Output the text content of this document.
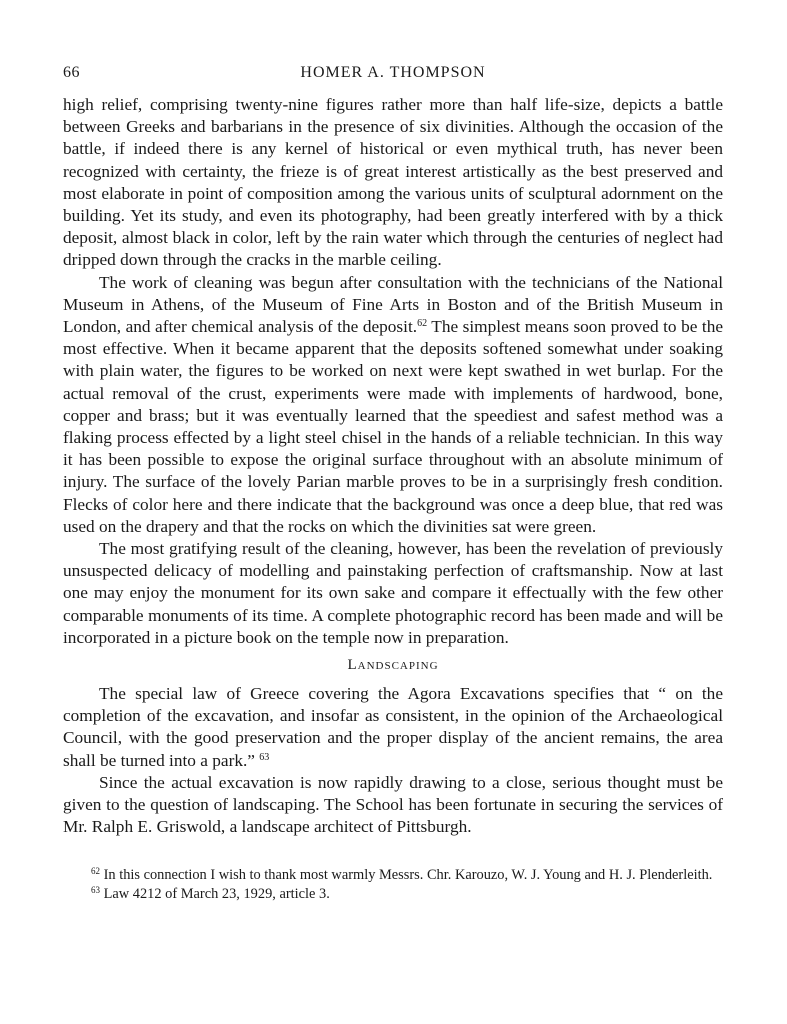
66	HOMER A. THOMPSON

high relief, comprising twenty-nine figures rather more than half life-size, depicts a battle between Greeks and barbarians in the presence of six divinities. Although the occasion of the battle, if indeed there is any kernel of historical or even mythical truth, has never been recognized with certainty, the frieze is of great interest artistically as the best preserved and most elaborate in point of composition among the various units of sculptural adornment on the building. Yet its study, and even its photography, had been greatly interfered with by a thick deposit, almost black in color, left by the rain water which through the centuries of neglect had dripped down through the cracks in the marble ceiling.

The work of cleaning was begun after consultation with the technicians of the National Museum in Athens, of the Museum of Fine Arts in Boston and of the British Museum in London, and after chemical analysis of the deposit.$^{62}$ The simplest means soon proved to be the most effective. When it became apparent that the deposits softened somewhat under soaking with plain water, the figures to be worked on next were kept swathed in wet burlap. For the actual removal of the crust, experiments were made with implements of hardwood, bone, copper and brass; but it was eventually learned that the speediest and safest method was a flaking process effected by a light steel chisel in the hands of a reliable technician. In this way it has been possible to expose the original surface throughout with an absolute minimum of injury. The surface of the lovely Parian marble proves to be in a surprisingly fresh condition. Flecks of color here and there indicate that the background was once a deep blue, that red was used on the drapery and that the rocks on which the divinities sat were green.

The most gratifying result of the cleaning, however, has been the revelation of previously unsuspected delicacy of modelling and painstaking perfection of craftsmanship. Now at last one may enjoy the monument for its own sake and compare it effectually with the few other comparable monuments of its time. A complete photographic record has been made and will be incorporated in a picture book on the temple now in preparation.

Landscaping

The special law of Greece covering the Agora Excavations specifies that “ on the completion of the excavation, and insofar as consistent, in the opinion of the Archaeological Council, with the good preservation and the proper display of the ancient remains, the area shall be turned into a park.” $^{63}$

Since the actual excavation is now rapidly drawing to a close, serious thought must be given to the question of landscaping. The School has been fortunate in securing the services of Mr. Ralph E. Griswold, a landscape architect of Pittsburgh.

$^{62}$ In this connection I wish to thank most warmly Messrs. Chr. Karouzo, W. J. Young and H. J. Plenderleith.

$^{63}$ Law 4212 of March 23, 1929, article 3.
